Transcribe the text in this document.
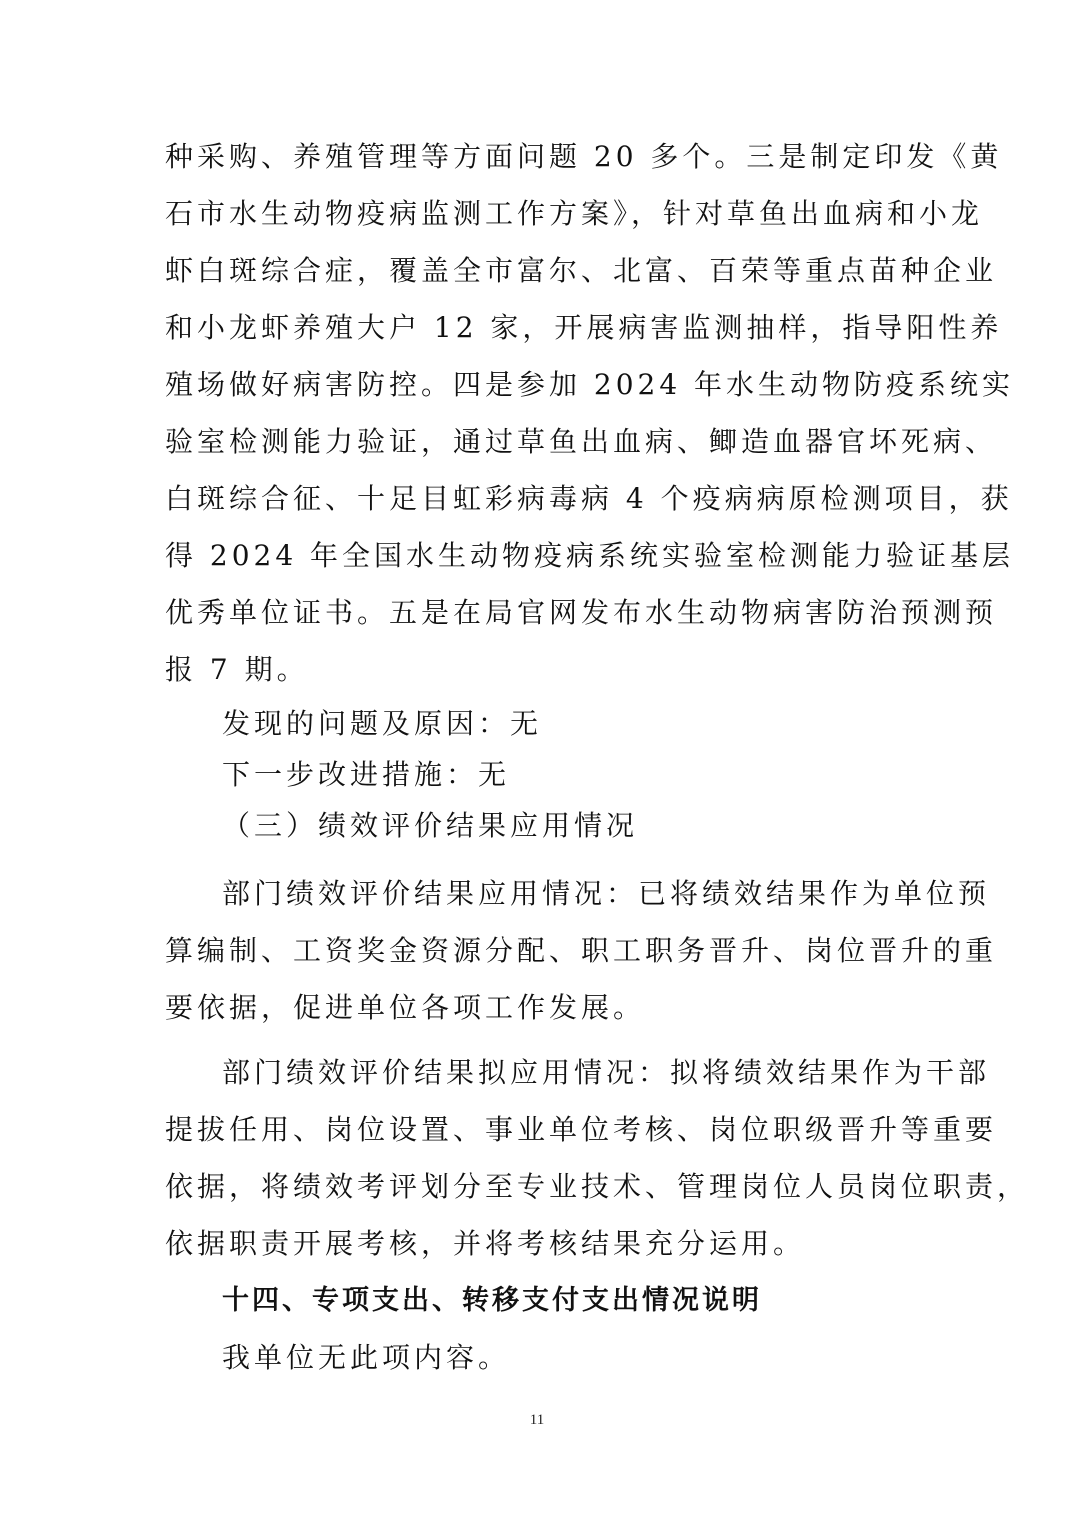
种采购、养殖管理等方面问题 20 多个。三是制定印发《黄
石市水生动物疫病监测工作方案》，针对草鱼出血病和小龙
虾白斑综合症，覆盖全市富尔、北富、百荣等重点苗种企业
和小龙虾养殖大户 12 家，开展病害监测抽样，指导阳性养
殖场做好病害防控。四是参加 2024 年水生动物防疫系统实
验室检测能力验证，通过草鱼出血病、鲫造血器官坏死病、
白斑综合征、十足目虹彩病毒病 4 个疫病病原检测项目，获
得 2024 年全国水生动物疫病系统实验室检测能力验证基层
优秀单位证书。五是在局官网发布水生动物病害防治预测预
报 7 期。
发现的问题及原因：无
下一步改进措施：无
（三）绩效评价结果应用情况
部门绩效评价结果应用情况：已将绩效结果作为单位预
算编制、工资奖金资源分配、职工职务晋升、岗位晋升的重
要依据，促进单位各项工作发展。
部门绩效评价结果拟应用情况：拟将绩效结果作为干部
提拔任用、岗位设置、事业单位考核、岗位职级晋升等重要
依据，将绩效考评划分至专业技术、管理岗位人员岗位职责，
依据职责开展考核，并将考核结果充分运用。
十四、专项支出、转移支付支出情况说明
我单位无此项内容。
11
